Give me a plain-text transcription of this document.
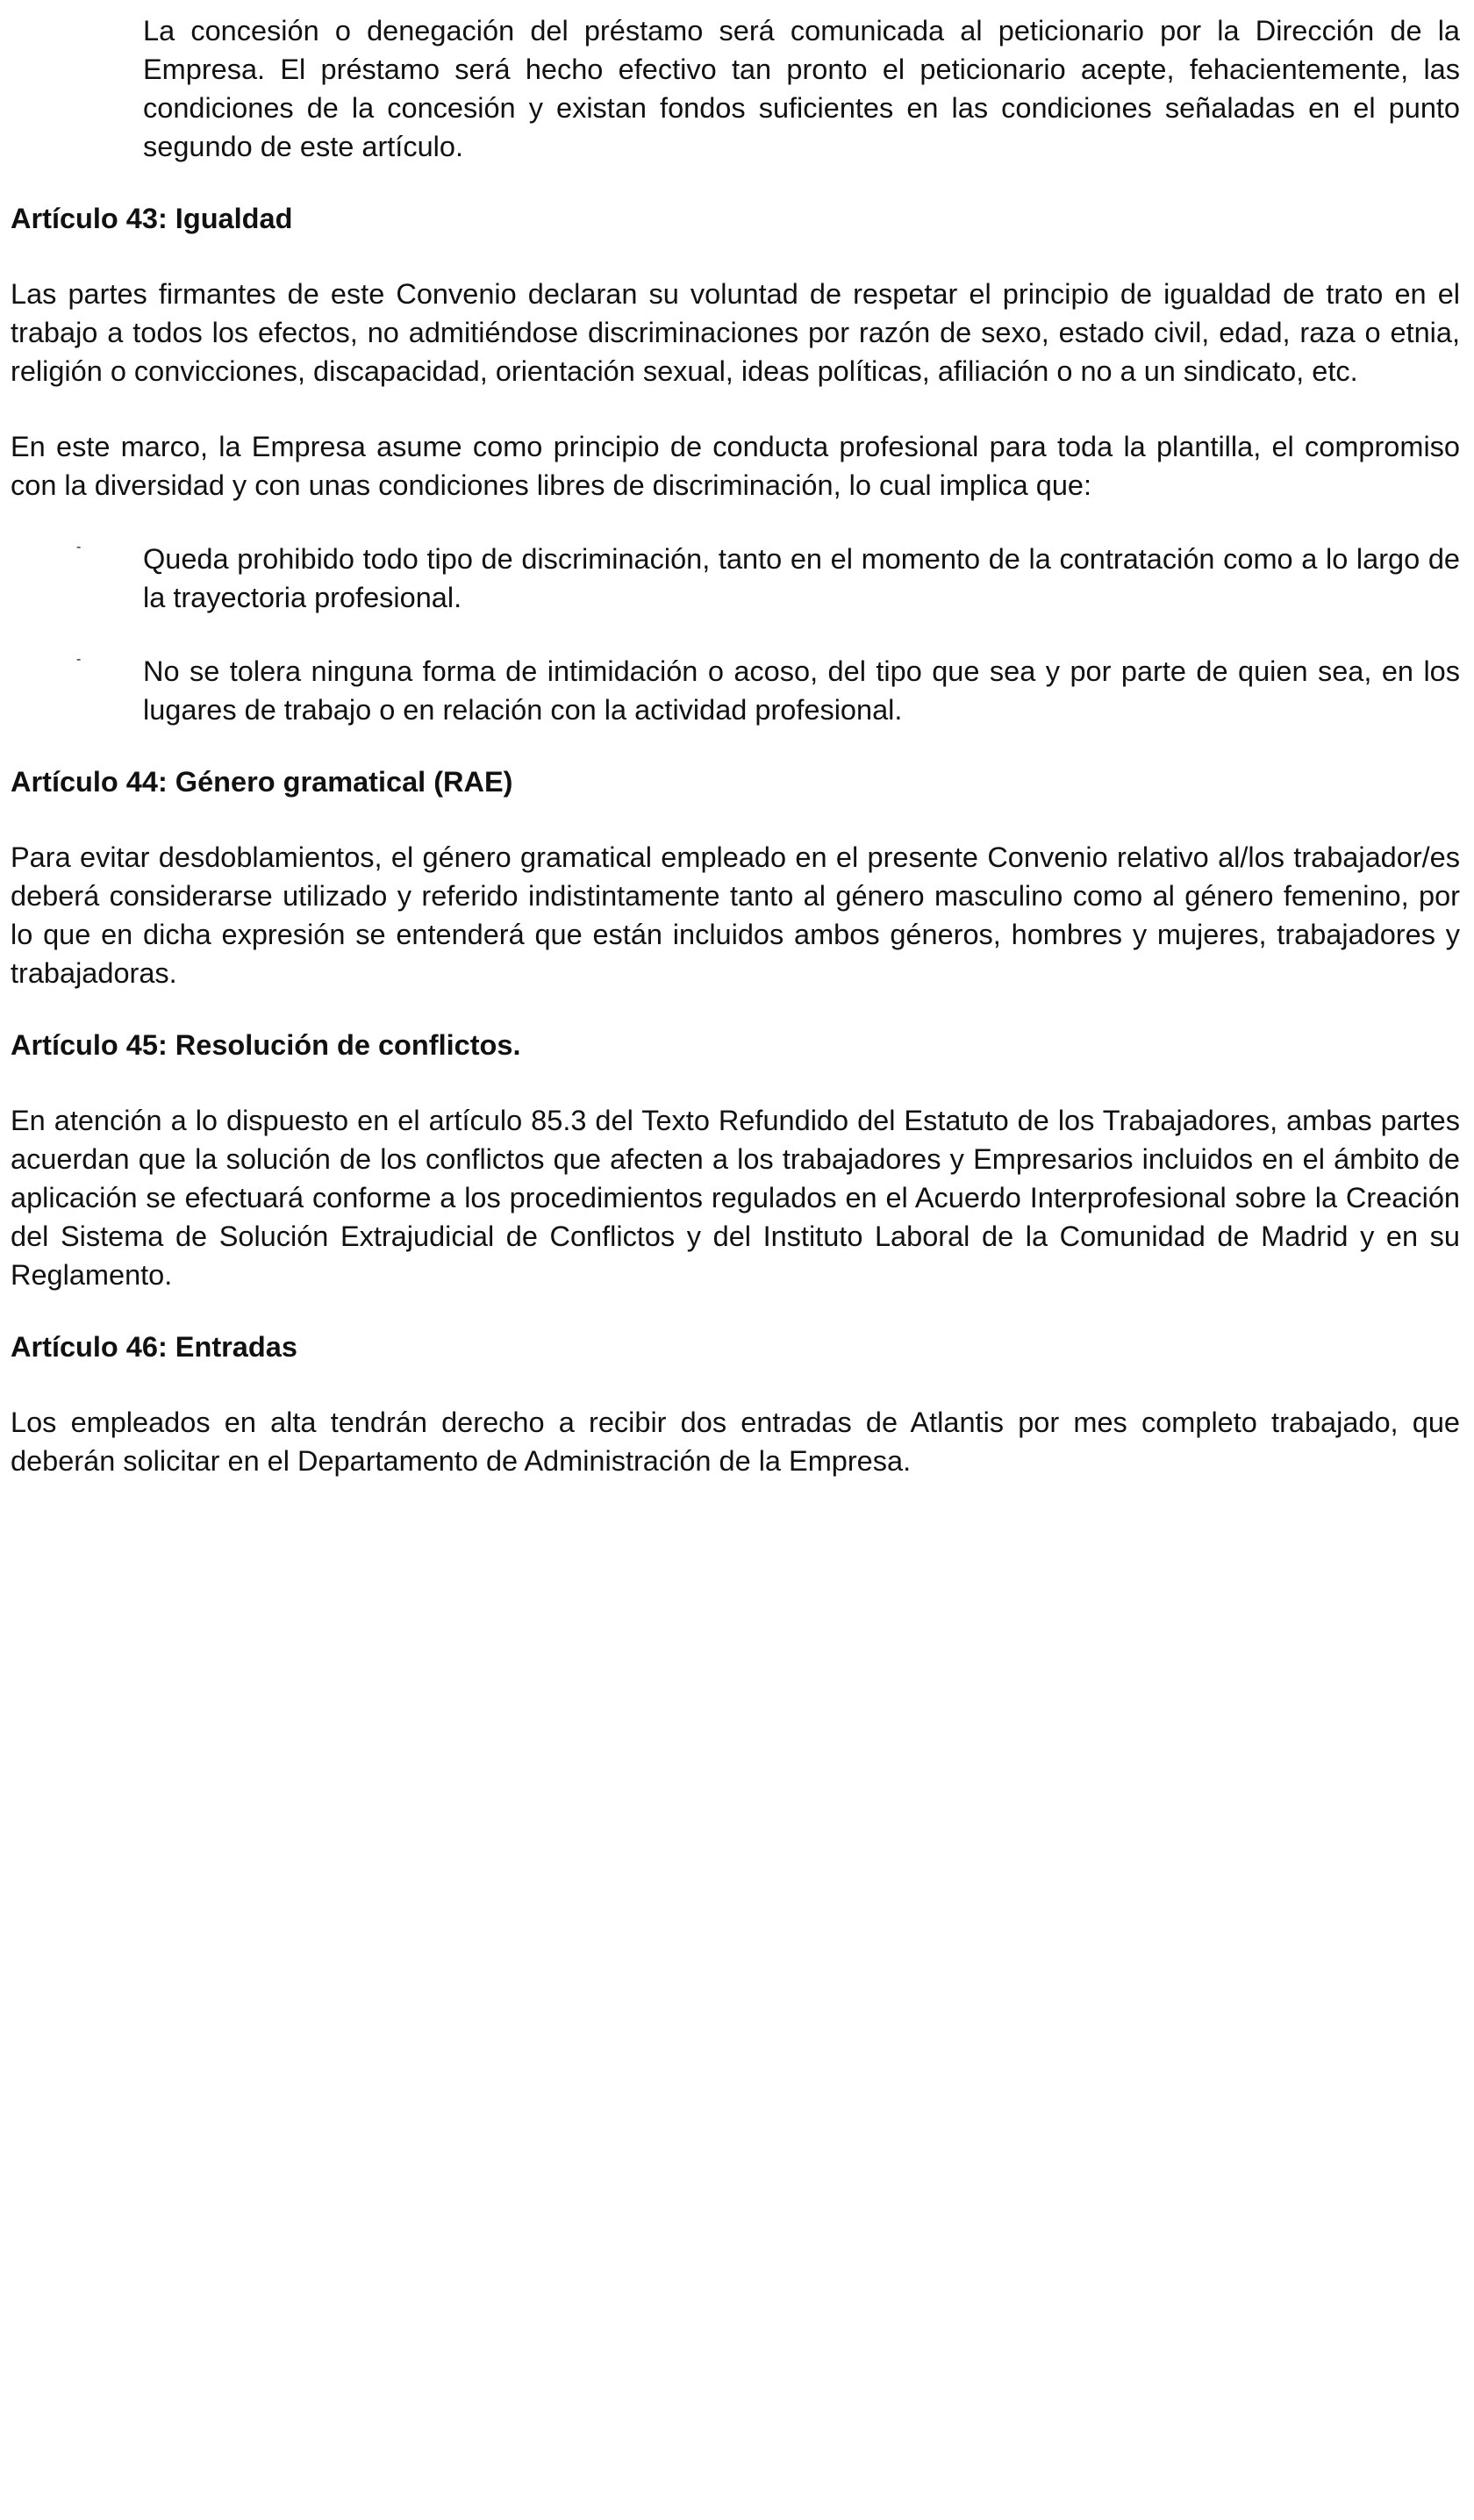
La concesión o denegación del préstamo será comunicada al peticionario por la Dirección de la Empresa. El préstamo será hecho efectivo tan pronto el peticionario acepte, fehacientemente, las condiciones de la concesión y existan fondos suficientes en las condiciones señaladas en el punto segundo de este artículo.

Artículo 43: Igualdad

Las partes firmantes de este Convenio declaran su voluntad de respetar el principio de igualdad de trato en el trabajo a todos los efectos, no admitiéndose discriminaciones por razón de sexo, estado civil, edad, raza o etnia, religión o convicciones, discapacidad, orientación sexual, ideas políticas, afiliación o no a un sindicato, etc.

En este marco, la Empresa asume como principio de conducta profesional para toda la plantilla, el compromiso con la diversidad y con unas condiciones libres de discriminación, lo cual implica que:

- Queda prohibido todo tipo de discriminación, tanto en el momento de la contratación como a lo largo de la trayectoria profesional.

- No se tolera ninguna forma de intimidación o acoso, del tipo que sea y por parte de quien sea, en los lugares de trabajo o en relación con la actividad profesional.

Artículo 44: Género gramatical (RAE)

Para evitar desdoblamientos, el género gramatical empleado en el presente Convenio relativo al/los trabajador/es deberá considerarse utilizado y referido indistintamente tanto al género masculino como al género femenino, por lo que en dicha expresión se entenderá que están incluidos ambos géneros, hombres y mujeres, trabajadores y trabajadoras.

Artículo 45: Resolución de conflictos.

En atención a lo dispuesto en el artículo 85.3 del Texto Refundido del Estatuto de los Trabajadores, ambas partes acuerdan que la solución de los conflictos que afecten a los trabajadores y Empresarios incluidos en el ámbito de aplicación se efectuará conforme a los procedimientos regulados en el Acuerdo Interprofesional sobre la Creación del Sistema de Solución Extrajudicial de Conflictos y del Instituto Laboral de la Comunidad de Madrid y en su Reglamento.

Artículo 46: Entradas

Los empleados en alta tendrán derecho a recibir dos entradas de Atlantis por mes completo trabajado, que deberán solicitar en el Departamento de Administración de la Empresa.
